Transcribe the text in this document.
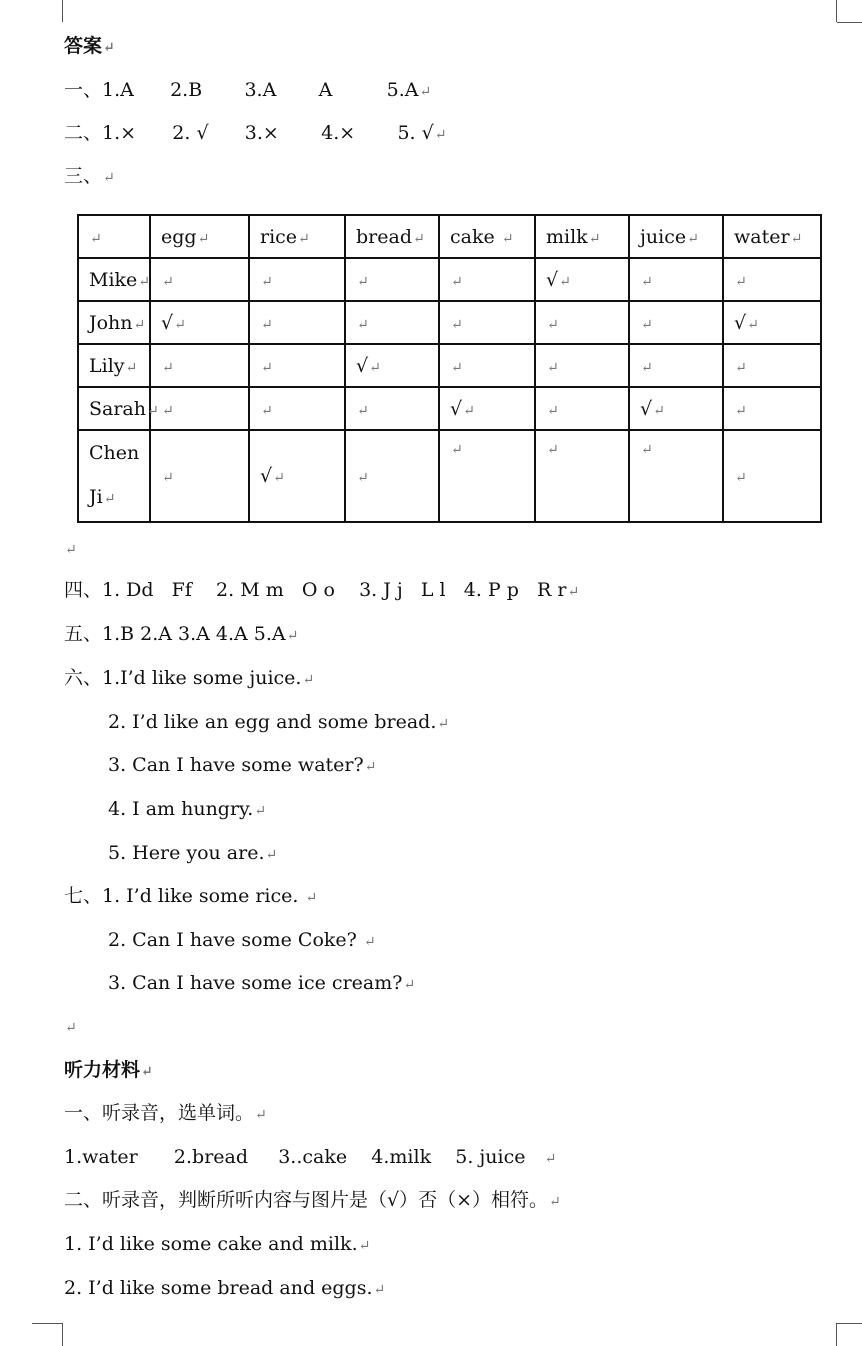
答案↵
一、1.A      2.B       3.A       A         5.A↵
二、1.×      2. √      3.×       4.×       5. √↵
三、↵
↵	egg↵	rice↵	bread↵	cake ↵	milk↵	juice↵	water↵
Mike↵	↵	↵	↵	↵	√↵	↵	↵
John↵	√↵	↵	↵	↵	↵	↵	√↵
Lily↵	↵	↵	√↵	↵	↵	↵	↵
Sarah↵	↵	↵	↵	√↵	↵	√↵	↵
Chen
Ji↵	↵	√↵	↵	↵	↵	↵	↵
↵
四、1. Dd   Ff    2. M m   O o    3. J j   L l   4. P p   R r↵
五、1.B 2.A 3.A 4.A 5.A↵
六、1.I’d like some juice.↵
2. I’d like an egg and some bread.↵
3. Can I have some water?↵
4. I am hungry.↵
5. Here you are.↵
七、1. I’d like some rice. ↵
2. Can I have some Coke? ↵
3. Can I have some ice cream?↵
↵
听力材料↵
一、听录音，选单词。↵
1.water      2.bread     3..cake    4.milk    5. juice   ↵
二、听录音，判断所听内容与图片是（√）否（×）相符。↵
1. I’d like some cake and milk.↵
2. I’d like some bread and eggs.↵
